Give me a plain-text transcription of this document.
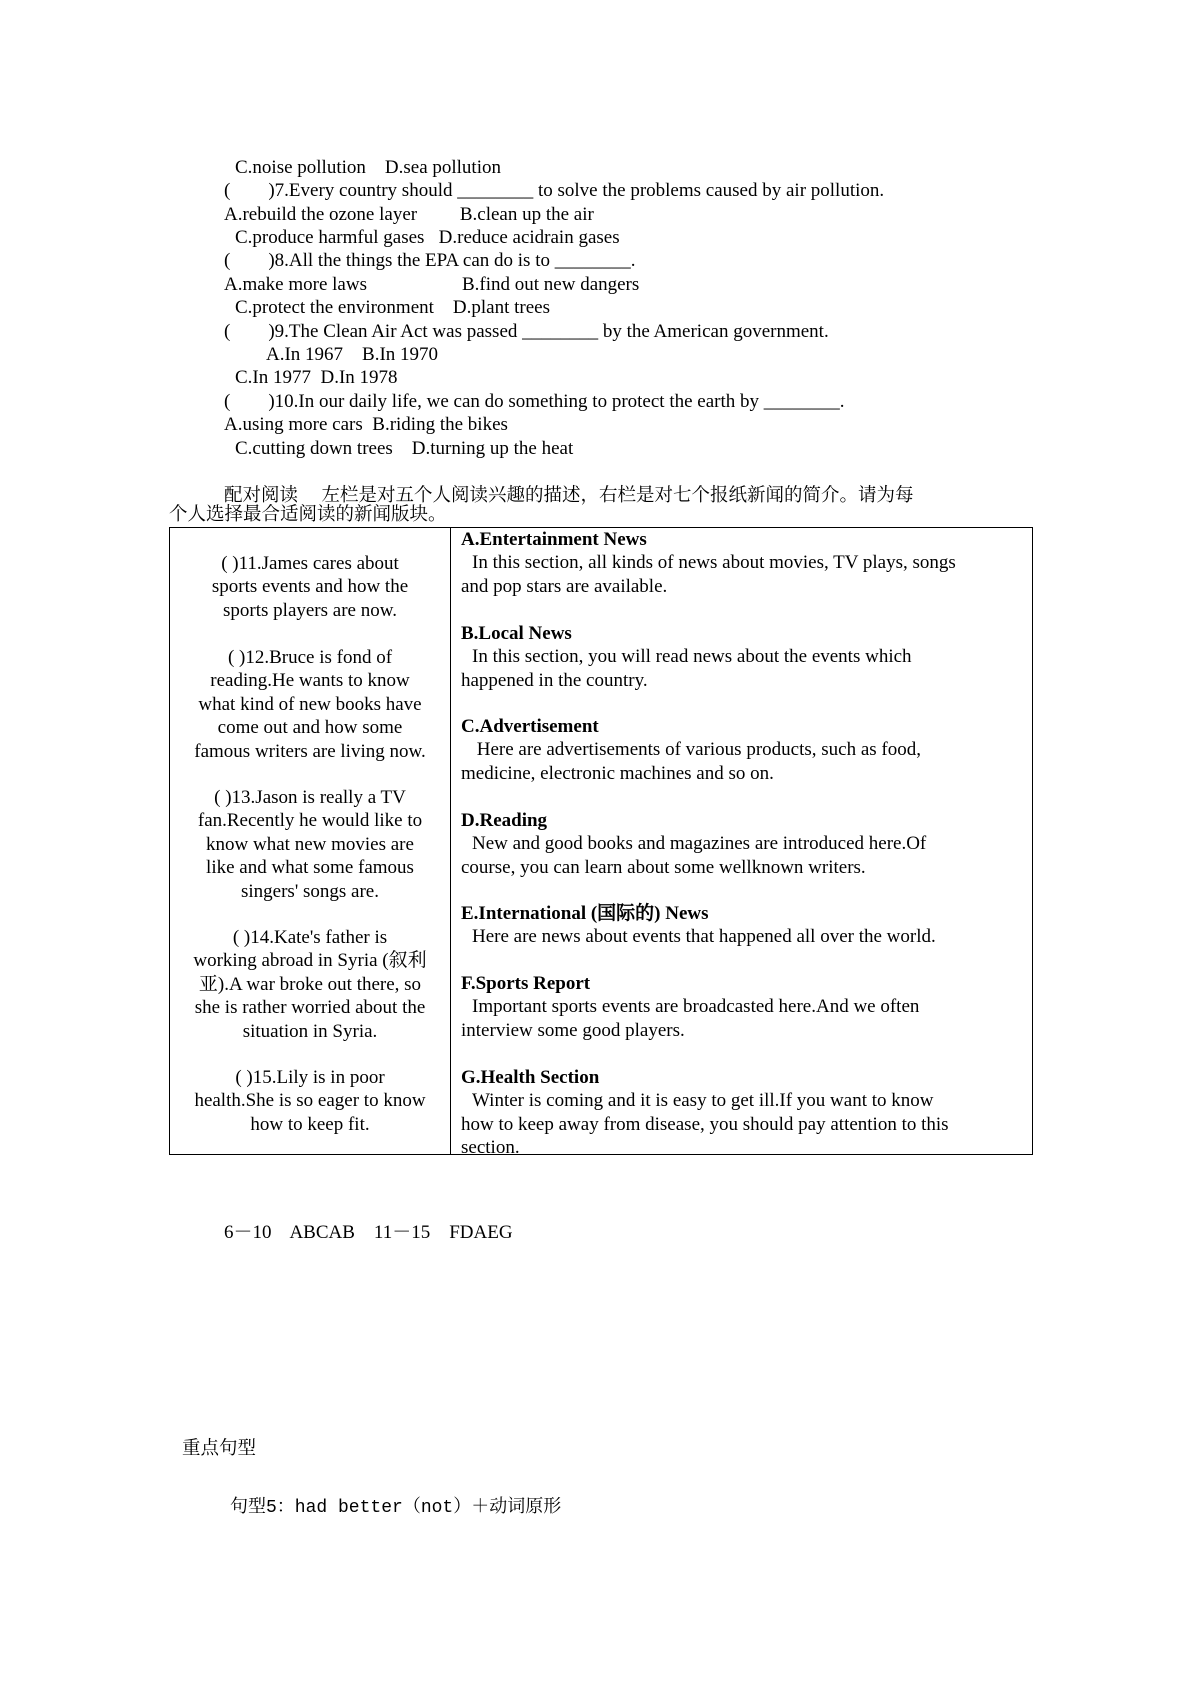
C.noise pollution    D.sea pollution
(        )7.Every country should ________ to solve the problems caused by air pollution.
A.rebuild the ozone layer         B.clean up the air
C.produce harmful gases   D.reduce acidrain gases
(        )8.All the things the EPA can do is to ________.
A.make more laws                    B.find out new dangers
C.protect the environment    D.plant trees
(        )9.The Clean Air Act was passed ________ by the American government.
A.In 1967    B.In 1970
C.In 1977  D.In 1978
(        )10.In our daily life, we can do something to protect the earth by ________.
A.using more cars  B.riding the bikes
C.cutting down trees    D.turning up the heat
配对阅读    左栏是对五个人阅读兴趣的描述，右栏是对七个报纸新闻的简介。请为每
个人选择最合适阅读的新闻版块。
( )11.James cares about
sports events and how the
sports players are now.
( )12.Bruce is fond of
reading.He wants to know
what kind of new books have
come out and how some
famous writers are living now.
( )13.Jason is really a TV
fan.Recently he would like to
know what new movies are
like and what some famous
singers' songs are.
( )14.Kate's father is
working abroad in Syria (叙利
亚).A war broke out there, so
she is rather worried about the
situation in Syria.
( )15.Lily is in poor
health.She is so eager to know
how to keep fit.
A.Entertainment News
In this section, all kinds of news about movies, TV plays, songs
and pop stars are available.
B.Local News
In this section, you will read news about the events which
happened in the country.
C.Advertisement
Here are advertisements of various products, such as food,
medicine, electronic machines and so on.
D.Reading
New and good books and magazines are introduced here.Of
course, you can learn about some wellknown writers.
E.International (国际的) News
Here are news about events that happened all over the world.
F.Sports Report
Important sports events are broadcasted here.And we often
interview some good players.
G.Health Section
Winter is coming and it is easy to get ill.If you want to know
how to keep away from disease, you should pay attention to this
section.
6－10    ABCAB    11－15    FDAEG
重点句型
句型5：had better（not）＋动词原形
